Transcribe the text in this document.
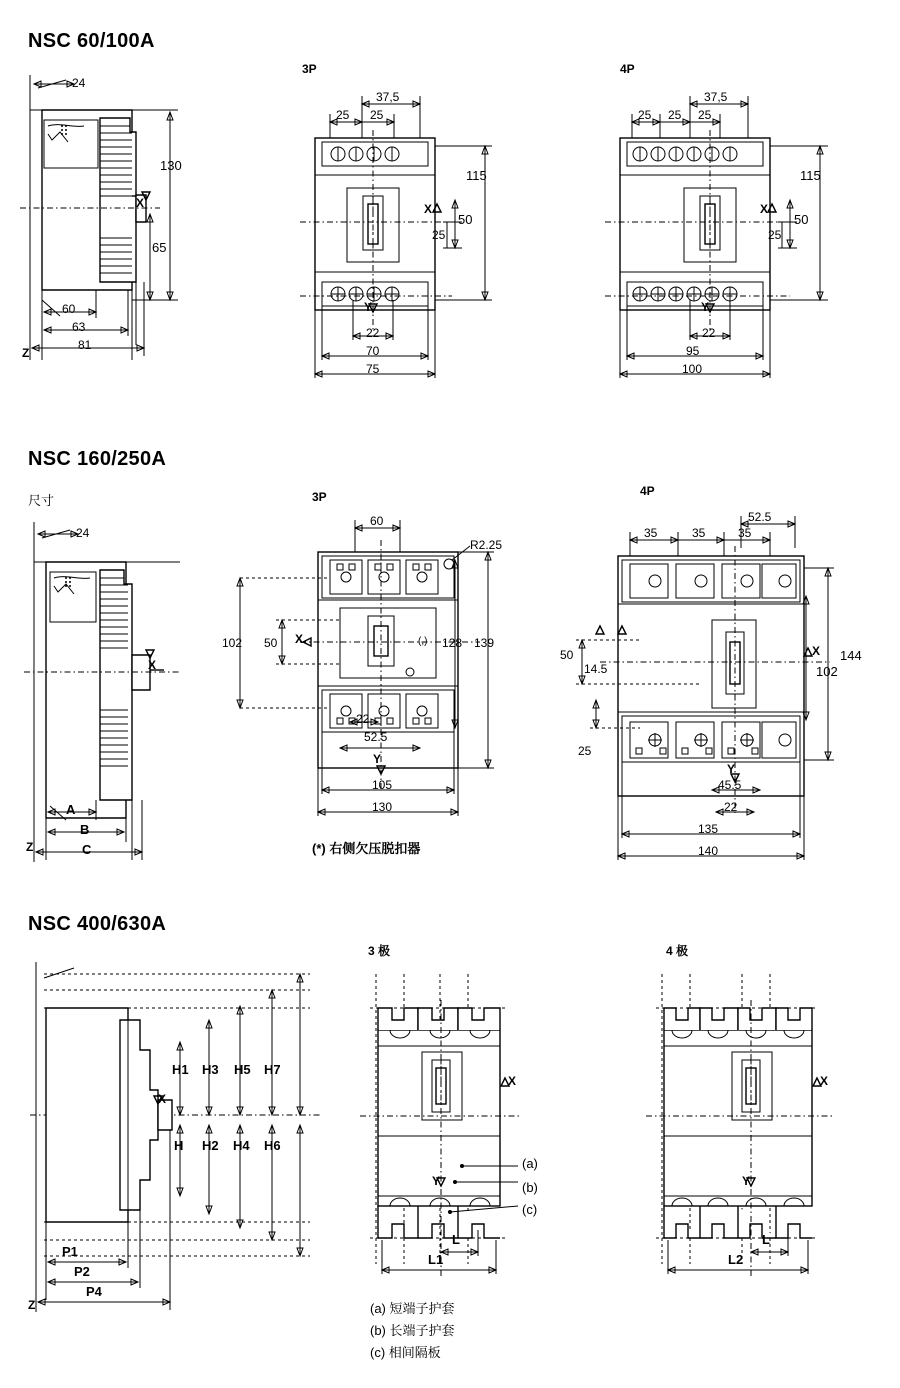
NSC 60/100A
3P	4P
24
130
65
60
63
81
X
Z
37,5
25 25
115
50
25
22
70
75
X
Y
37,5
25 25 25
115
50
25
22
95
100
X
Y
NSC 160/250A
尺寸	3P	4P
24
A
B
C
X
Z
60
R2.25
102 50	128 139
22
52.5
105
130
X
Y
(,)
52.5
35	35	35
144
102
50
14.5
25
45.5
22
135
140
X
Y
(*) 右侧欠压脱扣器
NSC 400/630A
3 极	4 极
H1 H3 H5 H7
H H2 H4 H6
P1
P2
P4
X
Z
X
Y
L
L1
(a)
(b)
(c)
X
Y
L
L2
(a) 短端子护套
(b) 长端子护套
(c) 相间隔板
